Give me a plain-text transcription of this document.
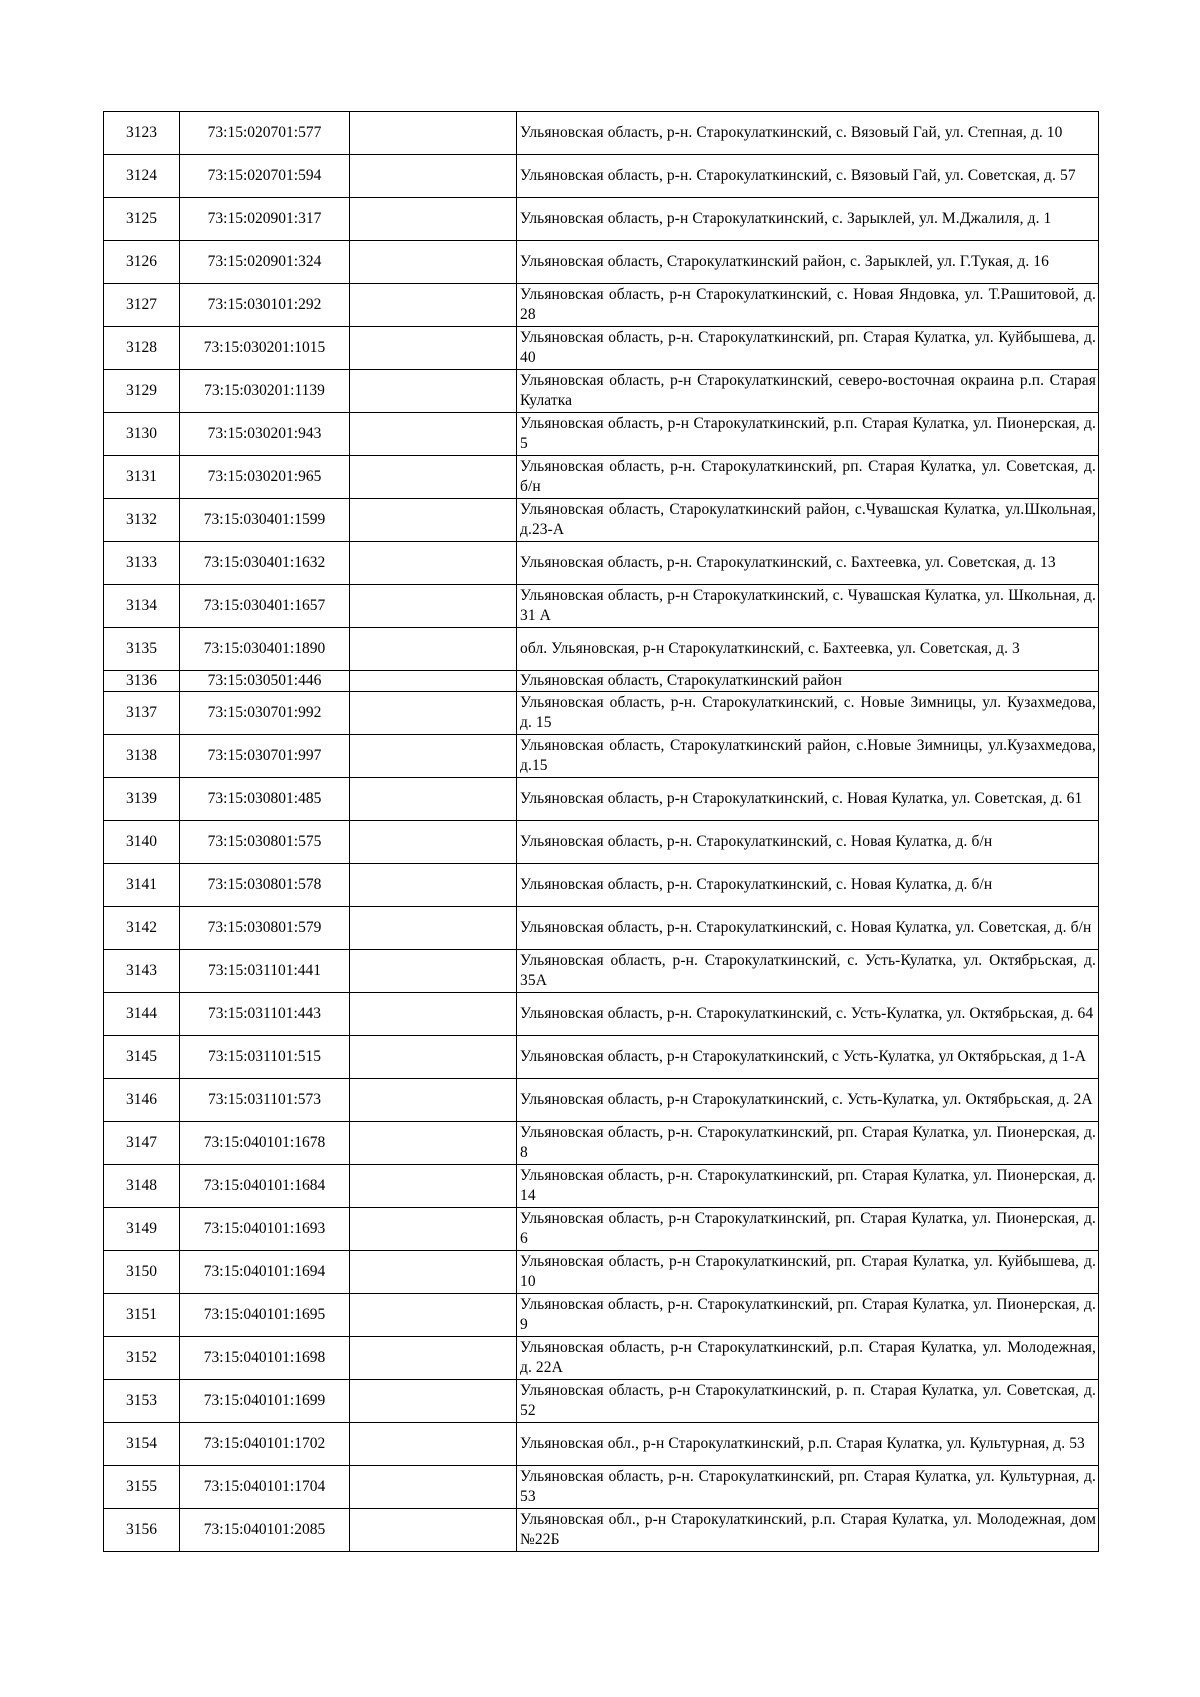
3123	73:15:020701:577		Ульяновская область, р-н. Старокулаткинский, с. Вязовый Гай, ул. Степная, д. 10
3124	73:15:020701:594		Ульяновская область, р-н. Старокулаткинский, с. Вязовый Гай, ул. Советская, д. 57
3125	73:15:020901:317		Ульяновская область, р-н Старокулаткинский, с. Зарыклей, ул. М.Джалиля, д. 1
3126	73:15:020901:324		Ульяновская область, Старокулаткинский район, с. Зарыклей, ул. Г.Тукая, д. 16
3127	73:15:030101:292		Ульяновская область, р-н Старокулаткинский, с. Новая Яндовка, ул. Т.Рашитовой, д. 28
3128	73:15:030201:1015		Ульяновская область, р-н. Старокулаткинский, рп. Старая Кулатка, ул. Куйбышева, д. 40
3129	73:15:030201:1139		Ульяновская область, р-н Старокулаткинский, северо-восточная окраина р.п. Старая Кулатка
3130	73:15:030201:943		Ульяновская область, р-н Старокулаткинский, р.п. Старая Кулатка, ул. Пионерская, д. 5
3131	73:15:030201:965		Ульяновская область, р-н. Старокулаткинский, рп. Старая Кулатка, ул. Советская, д. б/н
3132	73:15:030401:1599		Ульяновская область, Старокулаткинский район, с.Чувашская Кулатка, ул.Школьная, д.23-А
3133	73:15:030401:1632		Ульяновская область, р-н. Старокулаткинский, с. Бахтеевка, ул. Советская, д. 13
3134	73:15:030401:1657		Ульяновская область, р-н Старокулаткинский, с. Чувашская Кулатка, ул. Школьная, д. 31 А
3135	73:15:030401:1890		обл. Ульяновская, р-н Старокулаткинский, с. Бахтеевка, ул. Советская, д. 3
3136	73:15:030501:446		Ульяновская область, Старокулаткинский район
3137	73:15:030701:992		Ульяновская область, р-н. Старокулаткинский, с. Новые Зимницы, ул. Кузахмедова, д. 15
3138	73:15:030701:997		Ульяновская область, Старокулаткинский район, с.Новые Зимницы, ул.Кузахмедова, д.15
3139	73:15:030801:485		Ульяновская область, р-н Старокулаткинский, с. Новая Кулатка, ул. Советская, д. 61
3140	73:15:030801:575		Ульяновская область, р-н. Старокулаткинский, с. Новая Кулатка, д. б/н
3141	73:15:030801:578		Ульяновская область, р-н. Старокулаткинский, с. Новая Кулатка, д. б/н
3142	73:15:030801:579		Ульяновская область, р-н. Старокулаткинский, с. Новая Кулатка, ул. Советская, д. б/н
3143	73:15:031101:441		Ульяновская область, р-н. Старокулаткинский, с. Усть-Кулатка, ул. Октябрьская, д. 35А
3144	73:15:031101:443		Ульяновская область, р-н. Старокулаткинский, с. Усть-Кулатка, ул. Октябрьская, д. 64
3145	73:15:031101:515		Ульяновская область, р-н Старокулаткинский, с Усть-Кулатка, ул Октябрьская, д 1-А
3146	73:15:031101:573		Ульяновская область, р-н Старокулаткинский, с. Усть-Кулатка, ул. Октябрьская, д. 2А
3147	73:15:040101:1678		Ульяновская область, р-н. Старокулаткинский, рп. Старая Кулатка, ул. Пионерская, д. 8
3148	73:15:040101:1684		Ульяновская область, р-н. Старокулаткинский, рп. Старая Кулатка, ул. Пионерская, д. 14
3149	73:15:040101:1693		Ульяновская область, р-н Старокулаткинский, рп. Старая Кулатка, ул. Пионерская, д. 6
3150	73:15:040101:1694		Ульяновская область, р-н Старокулаткинский, рп. Старая Кулатка, ул. Куйбышева, д. 10
3151	73:15:040101:1695		Ульяновская область, р-н. Старокулаткинский, рп. Старая Кулатка, ул. Пионерская, д. 9
3152	73:15:040101:1698		Ульяновская область, р-н Старокулаткинский, р.п. Старая Кулатка, ул. Молодежная, д. 22А
3153	73:15:040101:1699		Ульяновская область, р-н Старокулаткинский, р. п. Старая Кулатка, ул. Советская, д. 52
3154	73:15:040101:1702		Ульяновская обл., р-н Старокулаткинский, р.п. Старая Кулатка, ул. Культурная, д. 53
3155	73:15:040101:1704		Ульяновская область, р-н. Старокулаткинский, рп. Старая Кулатка, ул. Культурная, д. 53
3156	73:15:040101:2085		Ульяновская обл., р-н Старокулаткинский, р.п. Старая Кулатка, ул. Молодежная, дом №22Б
